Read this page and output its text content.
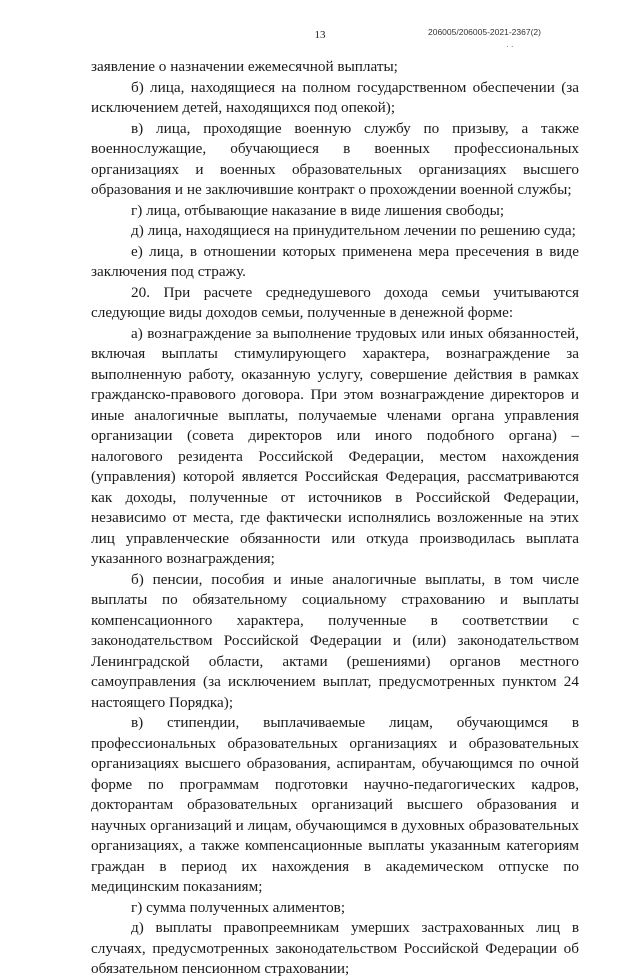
13	206005/206005-2021-2367(2)
٠٠

заявление о назначении ежемесячной выплаты;

б) лица, находящиеся на полном государственном обеспечении (за исключением детей, находящихся под опекой);

в) лица, проходящие военную службу по призыву, а также военнослужащие, обучающиеся в военных профессиональных организациях и военных образовательных организациях высшего образования и не заключившие контракт о прохождении военной службы;

г) лица, отбывающие наказание в виде лишения свободы;

д) лица, находящиеся на принудительном лечении по решению суда;

е) лица, в отношении которых применена мера пресечения в виде заключения под стражу.

20. При расчете среднедушевого дохода семьи учитываются следующие виды доходов семьи, полученные в денежной форме:

а) вознаграждение за выполнение трудовых или иных обязанностей, включая выплаты стимулирующего характера, вознаграждение за выполненную работу, оказанную услугу, совершение действия в рамках гражданско-правового договора. При этом вознаграждение директоров и иные аналогичные выплаты, получаемые членами органа управления организации (совета директоров или иного подобного органа) – налогового резидента Российской Федерации, местом нахождения (управления) которой является Российская Федерация, рассматриваются как доходы, полученные от источников в Российской Федерации, независимо от места, где фактически исполнялись возложенные на этих лиц управленческие обязанности или откуда производилась выплата указанного вознаграждения;

б) пенсии, пособия и иные аналогичные выплаты, в том числе выплаты по обязательному социальному страхованию и выплаты компенсационного характера, полученные в соответствии с законодательством Российской Федерации и (или) законодательством Ленинградской области, актами (решениями) органов местного самоуправления (за исключением выплат, предусмотренных пунктом 24 настоящего Порядка);

в) стипендии, выплачиваемые лицам, обучающимся в профессиональных образовательных организациях и образовательных организациях высшего образования, аспирантам, обучающимся по очной форме по программам подготовки научно-педагогических кадров, докторантам образовательных организаций высшего образования и научных организаций и лицам, обучающимся в духовных образовательных организациях, а также компенсационные выплаты указанным категориям граждан в период их нахождения в академическом отпуске по медицинским показаниям;

г) сумма полученных алиментов;

д) выплаты правопреемникам умерших застрахованных лиц в случаях, предусмотренных законодательством Российской Федерации об обязательном пенсионном страховании;
